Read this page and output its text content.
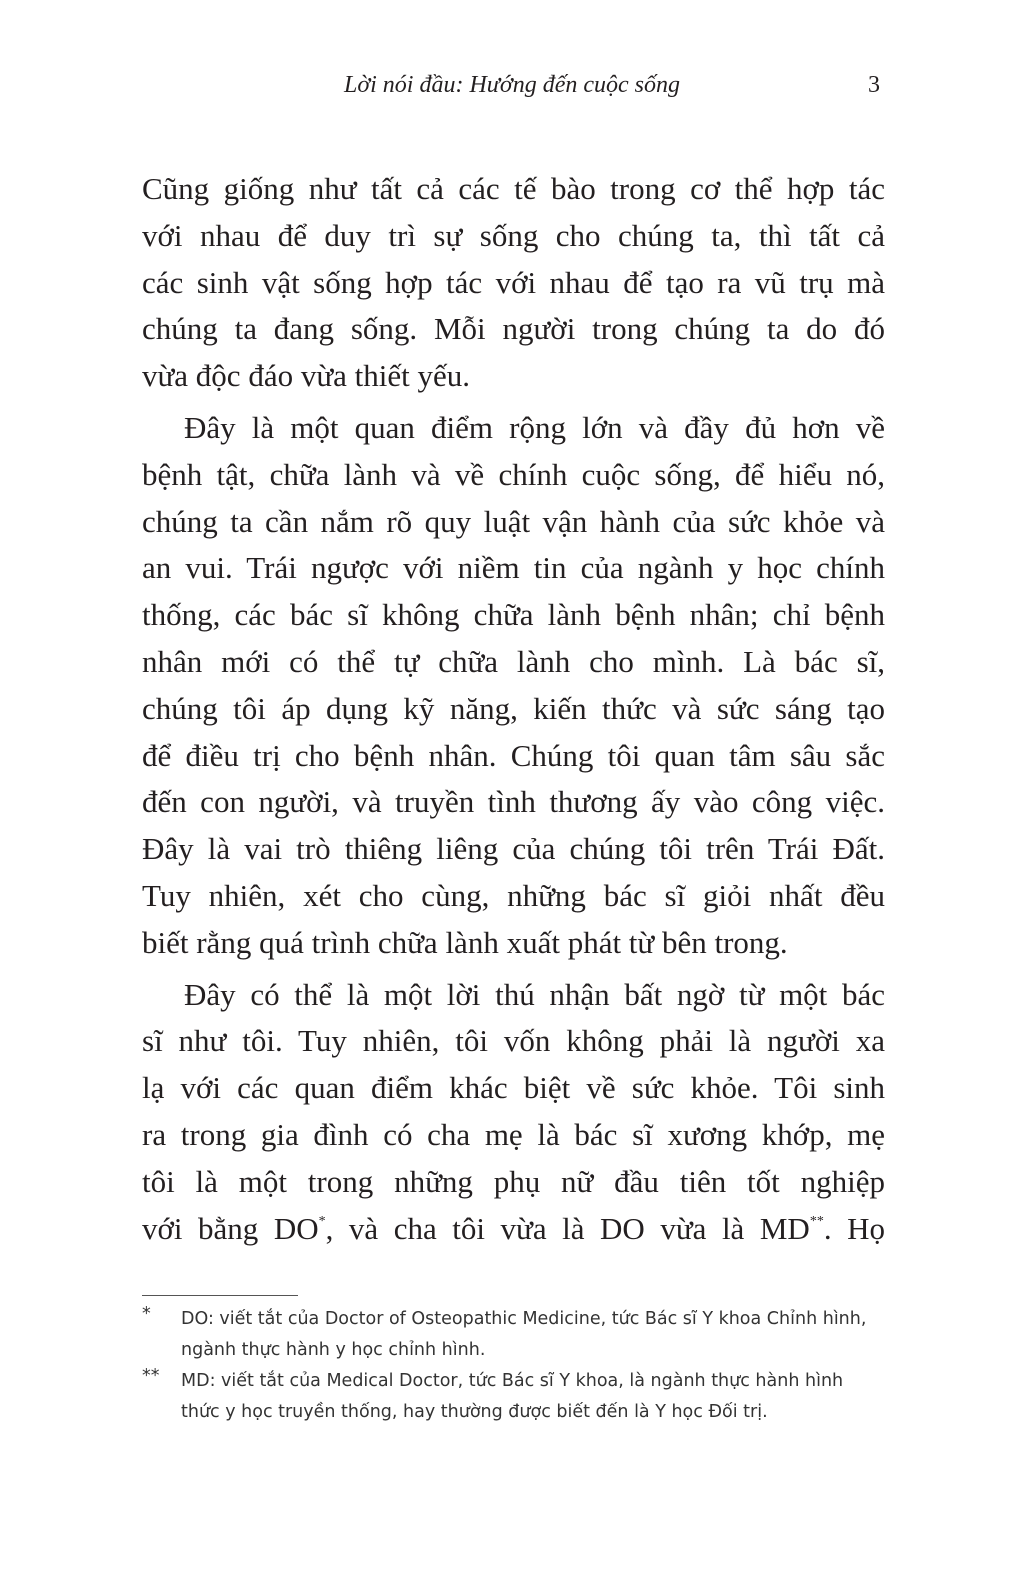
Lời nói đầu: Hướng đến cuộc sống	3
Cũng giống như tất cả các tế bào trong cơ thể hợp tác
với nhau để duy trì sự sống cho chúng ta, thì tất cả
các sinh vật sống hợp tác với nhau để tạo ra vũ trụ mà
chúng ta đang sống. Mỗi người trong chúng ta do đó
vừa độc đáo vừa thiết yếu.
Đây là một quan điểm rộng lớn và đầy đủ hơn về
bệnh tật, chữa lành và về chính cuộc sống, để hiểu nó,
chúng ta cần nắm rõ quy luật vận hành của sức khỏe và
an vui. Trái ngược với niềm tin của ngành y học chính
thống, các bác sĩ không chữa lành bệnh nhân; chỉ bệnh
nhân mới có thể tự chữa lành cho mình. Là bác sĩ,
chúng tôi áp dụng kỹ năng, kiến thức và sức sáng tạo
để điều trị cho bệnh nhân. Chúng tôi quan tâm sâu sắc
đến con người, và truyền tình thương ấy vào công việc.
Đây là vai trò thiêng liêng của chúng tôi trên Trái Đất.
Tuy nhiên, xét cho cùng, những bác sĩ giỏi nhất đều
biết rằng quá trình chữa lành xuất phát từ bên trong.
Đây có thể là một lời thú nhận bất ngờ từ một bác
sĩ như tôi. Tuy nhiên, tôi vốn không phải là người xa
lạ với các quan điểm khác biệt về sức khỏe. Tôi sinh
ra trong gia đình có cha mẹ là bác sĩ xương khớp, mẹ
tôi là một trong những phụ nữ đầu tiên tốt nghiệp
với bằng DO*, và cha tôi vừa là DO vừa là MD**. Họ
* DO: viết tắt của Doctor of Osteopathic Medicine, tức Bác sĩ Y khoa Chỉnh hình, ngành thực hành y học chỉnh hình.
** MD: viết tắt của Medical Doctor, tức Bác sĩ Y khoa, là ngành thực hành hình thức y học truyền thống, hay thường được biết đến là Y học Đối trị.
